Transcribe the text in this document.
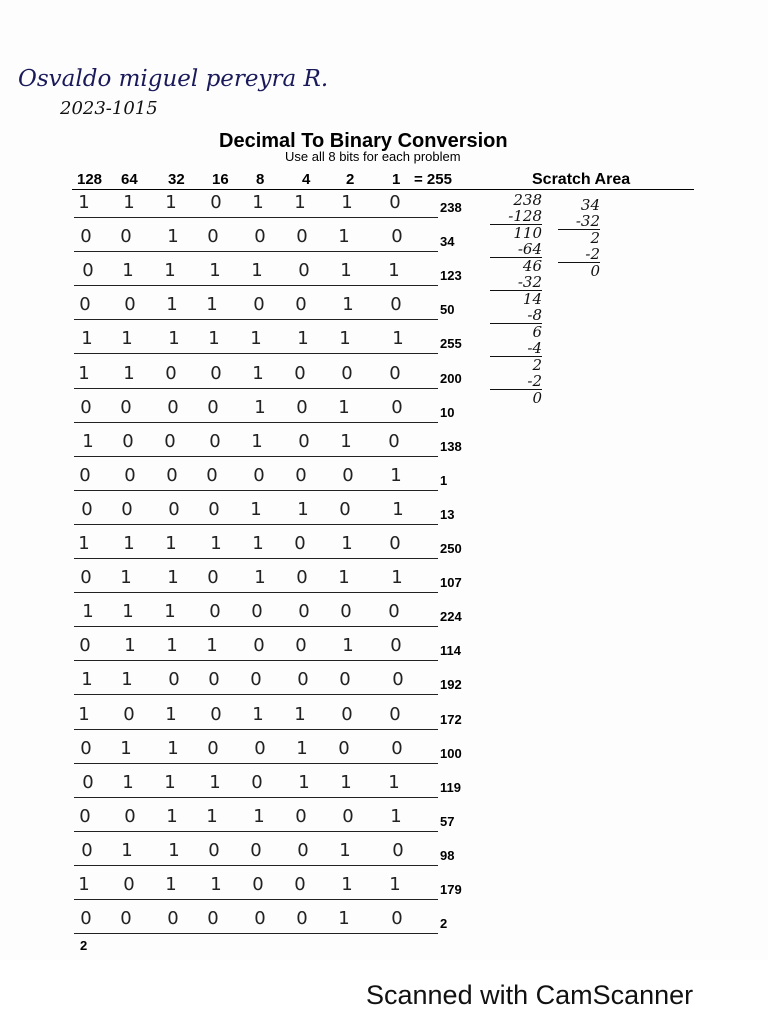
Osvaldo miguel pereyra R.
2023-1015
Decimal To Binary Conversion
Use all 8 bits for each problem
128 64 32 16 8	4 2	1 = 255	Scratch Area
1 1 1 0 1 1 1 0	238
0 0 1 0 0 0 1 0	34
0 1 1 1 1 0 1 1	123
0 0 1 1 0 0 1 0	50
1 1 1 1 1 1 1 1	255
1 1 0 0 1 0 0 0	200
0 0 0 0 1 0 1 0	10
1 0 0 0 1 0 1 0	138
0 0 0 0 0 0 0 1	1
0 0 0 0 1 1 0 1	13
1 1 1 1 1 0 1 0	250
0 1 1 0 1 0 1 1	107
1 1 1 0 0 0 0 0	224
0 1 1 1 0 0 1 0	114
1 1 0 0 0 0 0 0	192
1 0 1 0 1 1 0 0	172
0 1 1 0 0 1 0 0	100
0 1 1 1 0 1 1 1	119
0 0 1 1 1 0 0 1	57
0 1 1 0 0 0 1 0	98
1 0 1 1 0 0 1 1	179
0 0 0 0 0 0 1 0	2
238
-128
110
-64
46
-32
14
-8
6
-4
2
-2
0
34
-32
2
-2
0
2
Scanned with CamScanner
